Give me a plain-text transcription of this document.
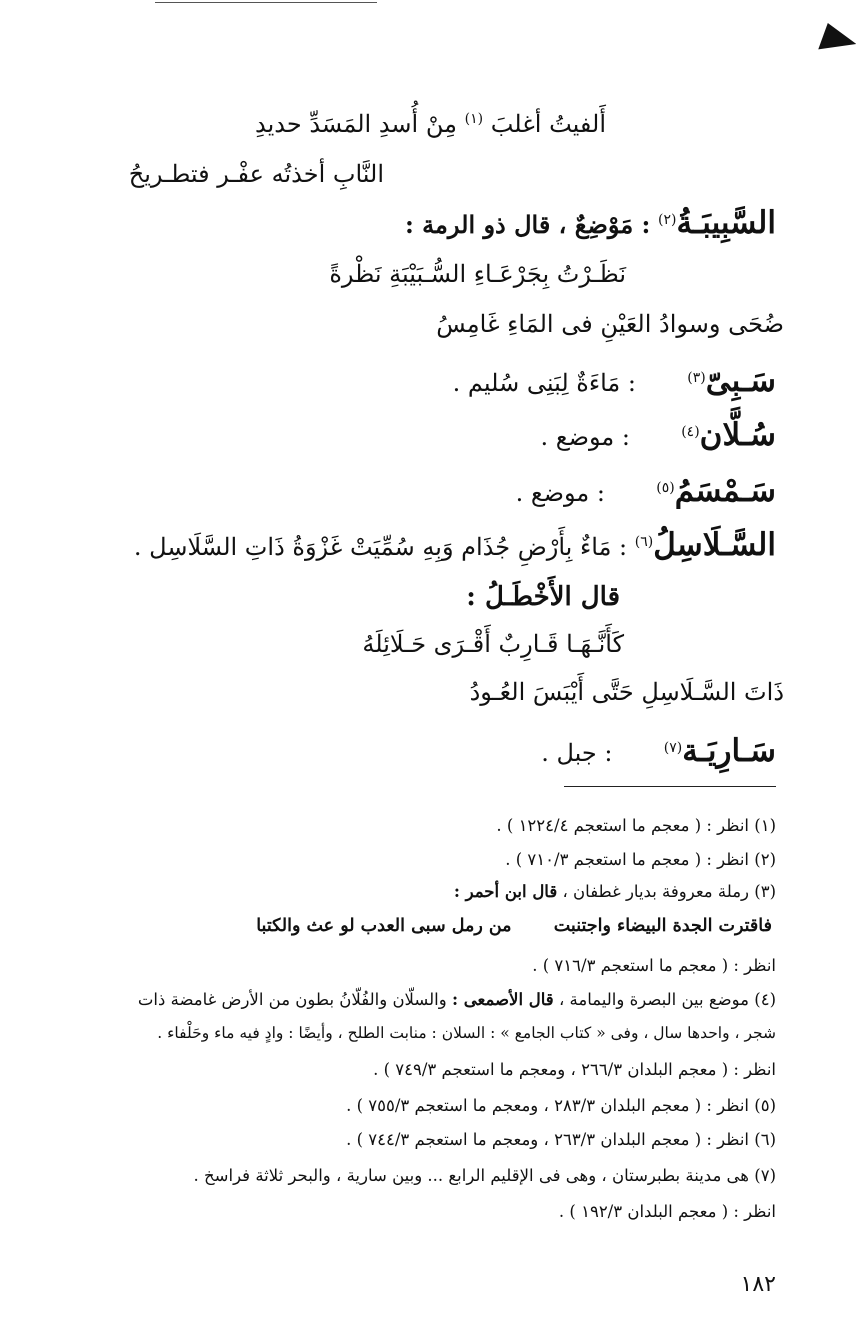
أَلفيتُ أغلبَ $^{(١)}$ مِنْ أُسدِ المَسَدِّ حديدِ
النَّابِ أخذتُه عفْـر فتطـريحُ
السَّبِيبَـةُ$^{(٢)}$ : مَوْضِعٌ ، قال ذو الرمة :
نَظَـرْتُ بِجَرْعَـاءِ السُّـبَيْبَةِ نَظْرةً
ضُحَى وسوادُ العَيْنِ فى المَاءِ غَامِسُ
سَـبِىّ$^{(٣)}$  : مَاءَةٌ لِبَنِى سُليم .
سُـلَّان$^{(٤)}$  : موضع .
سَـمْسَمُ$^{(٥)}$  : موضع .
السَّـلَاسِلُ$^{(٦)}$ : مَاءٌ بِأَرْضِ جُذَام وَبِهِ سُمِّيَتْ غَزْوَةُ ذَاتِ السَّلَاسِل .
قال الأَخْطَـلُ :
كَأَنَّـهَـا قَـارِبٌ أَقْـرَى حَـلَائِلَهُ
ذَاتَ السَّـلَاسِلِ حَتَّى أَيْبَسَ العُـودُ
سَـارِيَـة$^{(٧)}$  : جبل .
(١) انظر : ( معجم ما استعجم ١٢٢٤/٤ ) .
(٢) انظر : ( معجم ما استعجم ٧١٠/٣ ) .
(٣) رملة معروفة بديار غطفان ، قال ابن أحمر :
فاقترت الجدة البيضاء واجتنبت  من رمل سبى العدب لو عث والكتبا
انظر : ( معجم ما استعجم ٧١٦/٣ ) .
(٤) موضع بين البصرة واليمامة ، قال الأصمعى : والسلّان والفُلّانُ بطون من الأرض غامضة ذات
شجر ، واحدها سال ، وفى « كتاب الجامع » : السلان : منابت الطلح ، وأيضًا : وادٍ فيه ماء وحَلْفاء .
انظر : ( معجم البلدان ٢٦٦/٣ ، ومعجم ما استعجم ٧٤٩/٣ ) .
(٥) انظر : ( معجم البلدان ٢٨٣/٣ ، ومعجم ما استعجم ٧٥٥/٣ ) .
(٦) انظر : ( معجم البلدان ٢٦٣/٣ ، ومعجم ما استعجم ٧٤٤/٣ ) .
(٧) هى مدينة بطبرستان ، وهى فى الإقليم الرابع ... وبين سارية ، والبحر ثلاثة فراسخ .
انظر : ( معجم البلدان ١٩٢/٣ ) .
١٨٢
